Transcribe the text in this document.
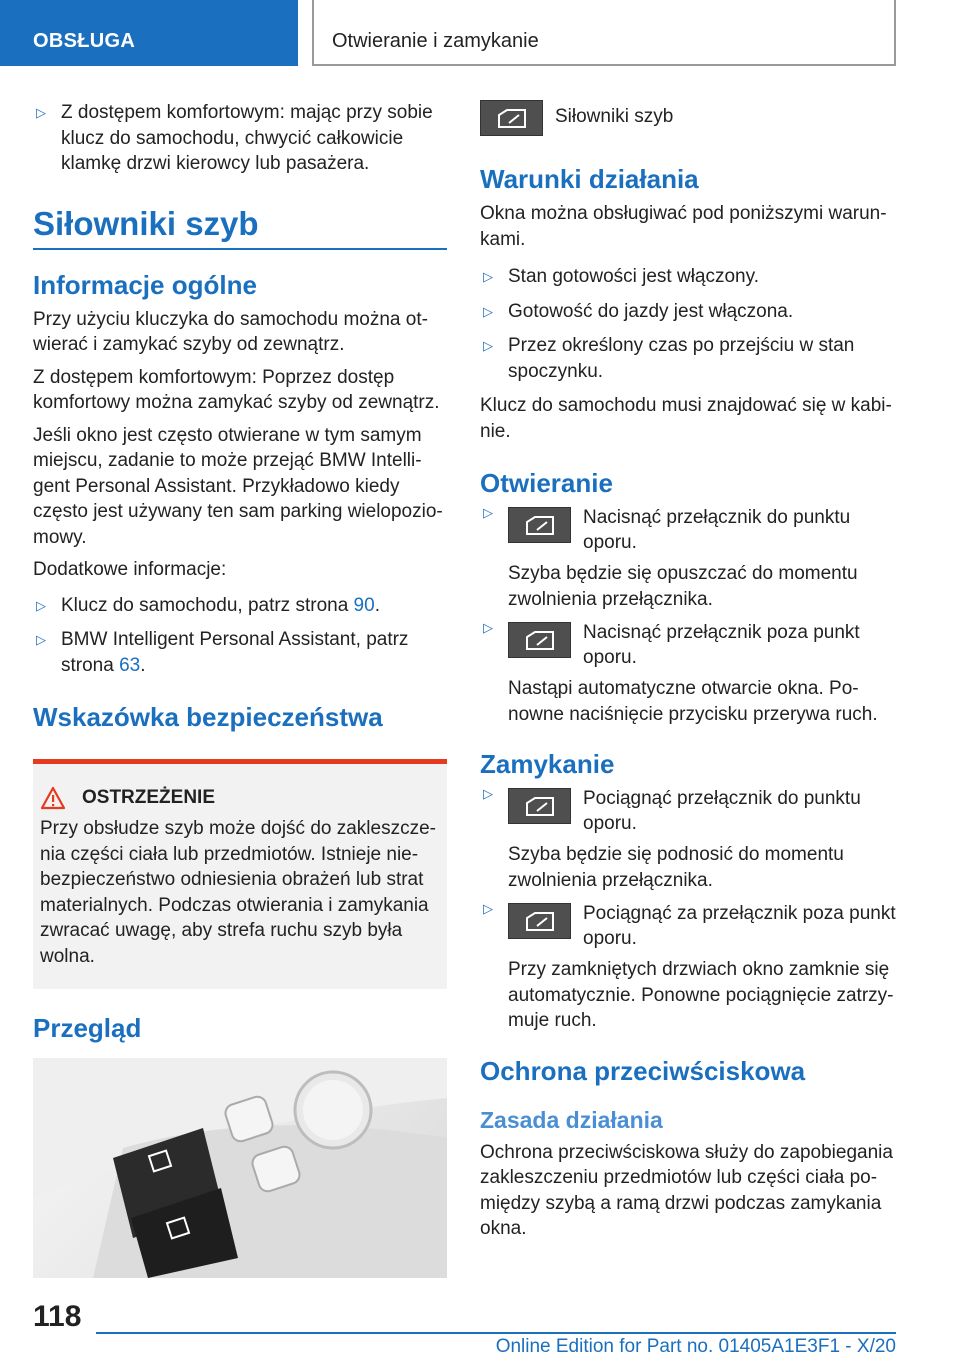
OBSŁUGA	Otwieranie i zamykanie
▷ Z dostępem komfortowym: mając przy sobie klucz do samochodu, chwycić całkowicie klamkę drzwi kierowcy lub pasażera.
Siłowniki szyb
Informacje ogólne

Przy użyciu kluczyka do samochodu można otwierać i zamykać szyby od zewnątrz.

Z dostępem komfortowym: Poprzez dostęp komfortowy można zamykać szyby od zewnątrz.

Jeśli okno jest często otwierane w tym samym miejscu, zadanie to może przejąć BMW Intelligent Personal Assistant. Przykładowo kiedy często jest używany ten sam parking wielopoziomowy.

Dodatkowe informacje:

▷ Klucz do samochodu, patrz strona 90.
▷ BMW Intelligent Personal Assistant, patrz strona 63.
Wskazówka bezpieczeństwa
OSTRZEŻENIE

Przy obsłudze szyb może dojść do zakleszczenia części ciała lub przedmiotów. Istnieje niebezpieczeństwo odniesienia obrażeń lub strat materialnych. Podczas otwierania i zamykania zwracać uwagę, aby strefa ruchu szyb była wolna.

Przegląd
Siłowniki szyb
Warunki działania

Okna można obsługiwać pod poniższymi warunkami.

▷ Stan gotowości jest włączony.
▷ Gotowość do jazdy jest włączona.
▷ Przez określony czas po przejściu w stan spoczynku.

Klucz do samochodu musi znajdować się w kabinie.

Otwieranie
▷	Nacisnąć przełącznik do punktu oporu.

Szyba będzie się opuszczać do momentu zwolnienia przełącznika.

▷	Nacisnąć przełącznik poza punkt oporu.

Nastąpi automatyczne otwarcie okna. Ponowne naciśnięcie przycisku przerywa ruch.

Zamykanie
▷	Pociągnąć przełącznik do punktu oporu.

Szyba będzie się podnosić do momentu zwolnienia przełącznika.

▷	Pociągnąć za przełącznik poza punkt oporu.

Przy zamkniętych drzwiach okno zamknie się automatycznie. Ponowne pociągnięcie zatrzymuje ruch.

Ochrona przeciwściskowa
Zasada działania

Ochrona przeciwściskowa służy do zapobiegania zakleszczeniu przedmiotów lub części ciała pomiędzy szybą a ramą drzwi podczas zamykania okna.

118
Online Edition for Part no. 01405A1E3F1 - X/20
